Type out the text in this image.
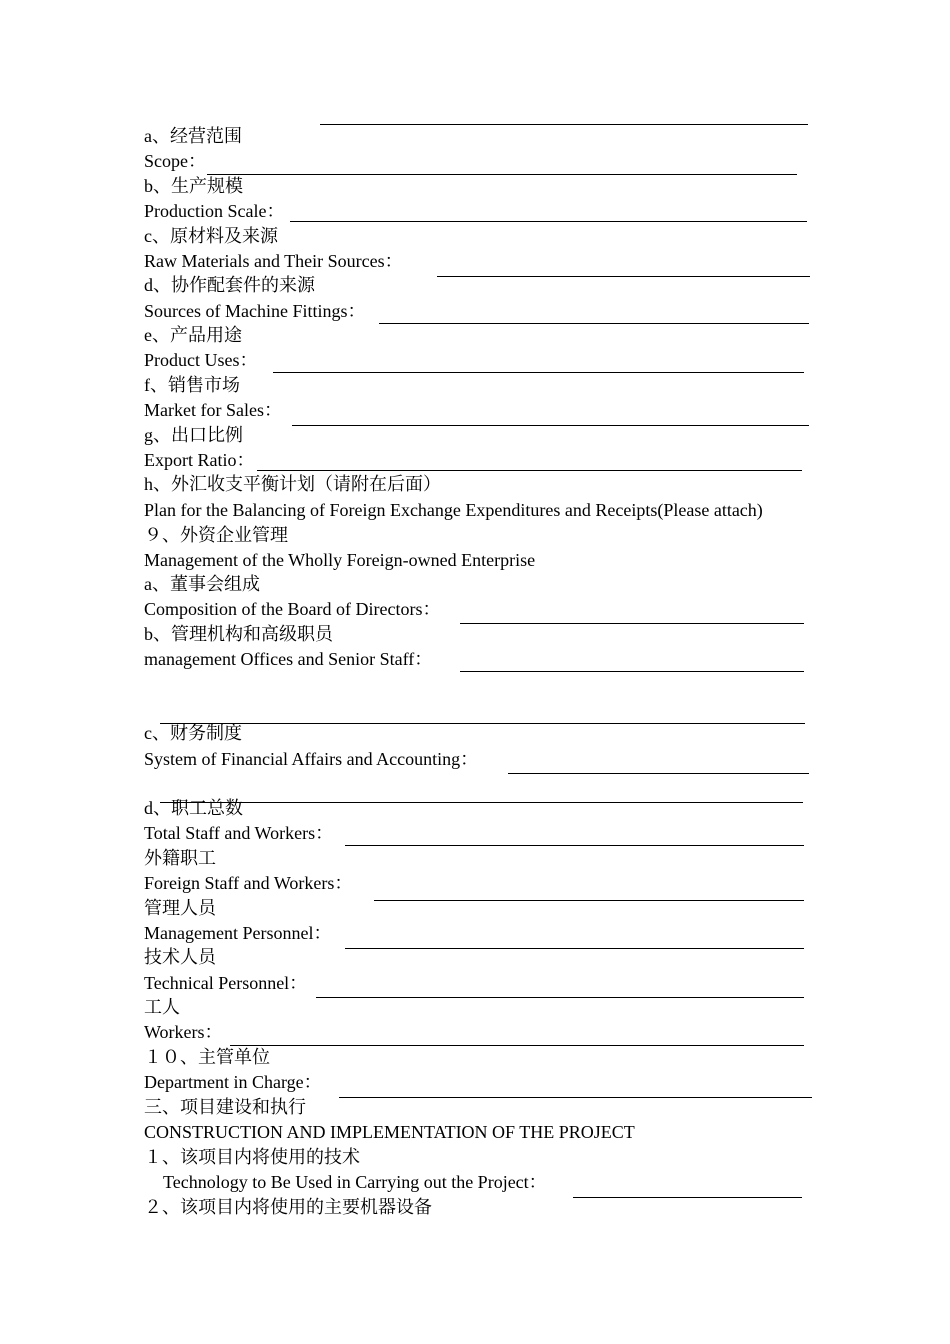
a、经营范围
Scope：
b、生产规模
Production Scale：
c、原材料及来源
Raw Materials and Their Sources：
d、协作配套件的来源
Sources of Machine Fittings：
e、产品用途
Product Uses：
f、销售市场
Market for Sales：
g、出口比例
Export Ratio：
h、外汇收支平衡计划（请附在后面）
Plan for the Balancing of Foreign Exchange Expenditures and Receipts(Please attach)
９、外资企业管理
Management of the Wholly Foreign-owned Enterprise
a、董事会组成
Composition of the Board of Directors：
b、管理机构和高级职员
management Offices and Senior Staff：
c、财务制度
System of Financial Affairs and Accounting：
d、职工总数
Total Staff and Workers：
外籍职工
Foreign Staff and Workers：
管理人员
Management Personnel：
技术人员
Technical Personnel：
工人
Workers：
１０、主管单位
Department in Charge：
三、项目建设和执行
CONSTRUCTION AND IMPLEMENTATION OF THE PROJECT
１、该项目内将使用的技术
Technology to Be Used in Carrying out the Project：
２、该项目内将使用的主要机器设备
